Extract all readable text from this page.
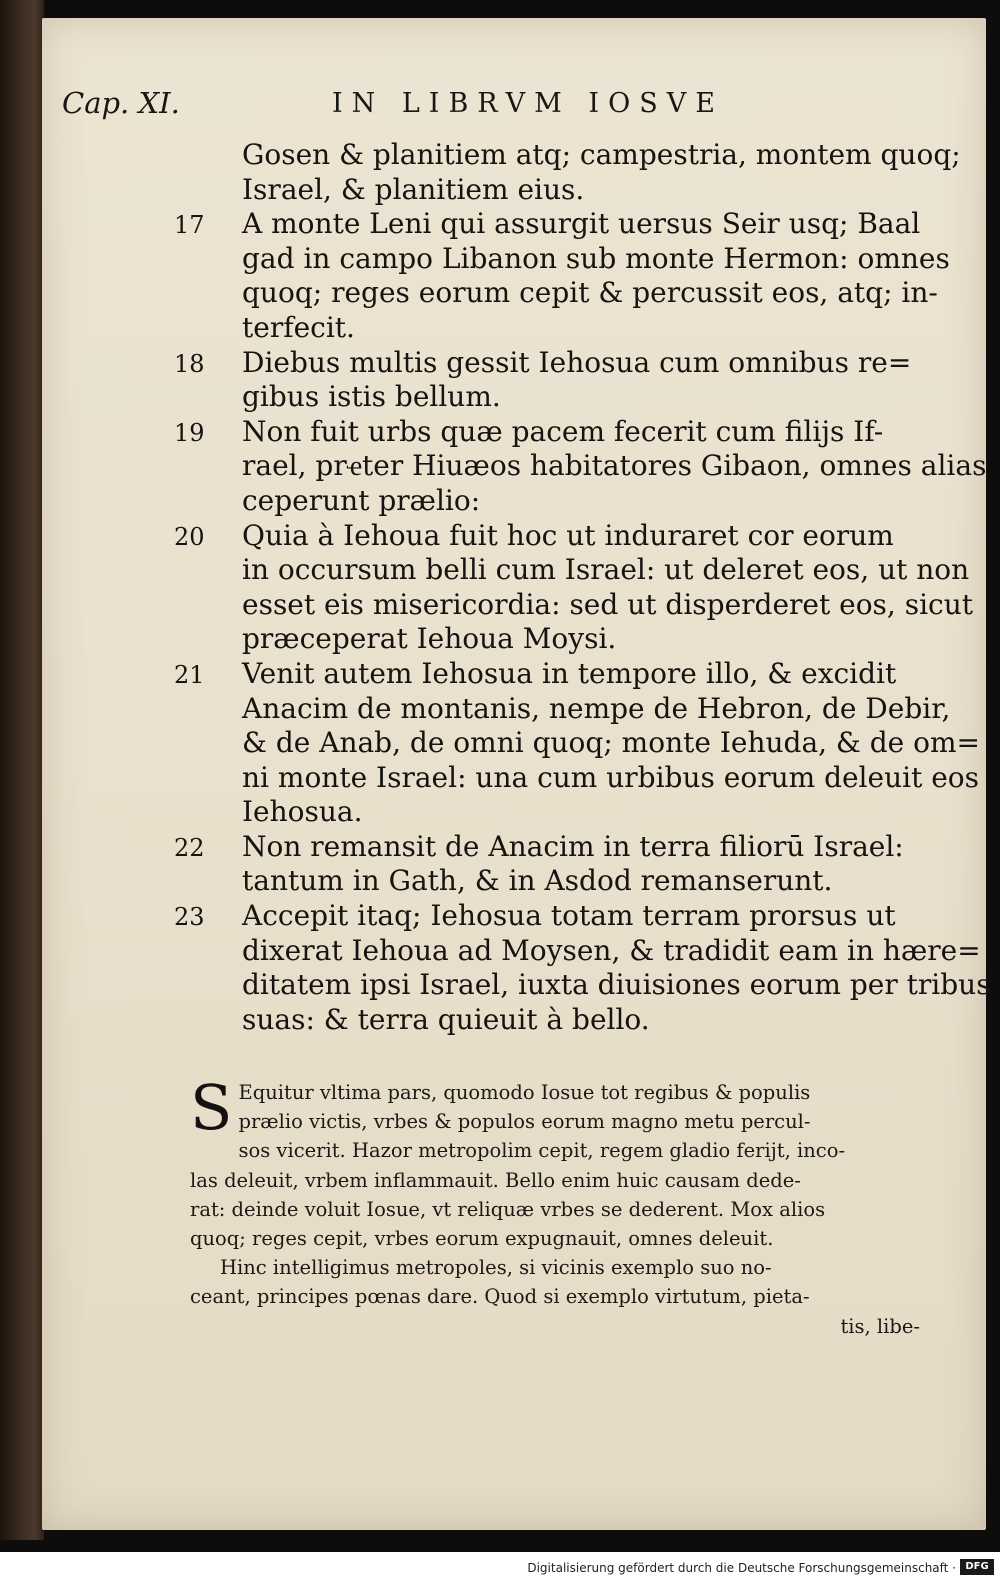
Cap. XI.	IN LIBRVM IOSVE
Gosen & planitiem atq; campestria, montem quoq;
Israel, & planitiem eius.
17 A monte Leni qui assurgit uersus Seir usq; Baal
gad in campo Libanon sub monte Hermon: omnes
quoq; reges eorum cepit & percussit eos, atq; in-
terfecit.
18 Diebus multis gessit Iehosua cum omnibus re=
gibus istis bellum.
19 Non fuit urbs quæ pacem fecerit cum filijs If-
rael, prҽter Hiuæos habitatores Gibaon, omnes alias
ceperunt prælio:
20 Quia à Iehoua fuit hoc ut induraret cor eorum
in occursum belli cum Israel: ut deleret eos, ut non
esset eis misericordia: sed ut disperderet eos, sicut
præceperat Iehoua Moysi.
21 Venit autem Iehosua in tempore illo, & excidit
Anacim de montanis, nempe de Hebron, de Debir,
& de Anab, de omni quoq; monte Iehuda, & de om=
ni monte Israel: una cum urbibus eorum deleuit eos
Iehosua.
22 Non remansit de Anacim in terra filiorū Israel:
tantum in Gath, & in Asdod remanserunt.
23 Accepit itaq; Iehosua totam terram prorsus ut
dixerat Iehoua ad Moysen, & tradidit eam in hære=
ditatem ipsi Israel, iuxta diuisiones eorum per tribus
suas: & terra quieuit à bello.
S Equitur vltima pars, quomodo Iosue tot regibus & populis
prælio victis, vrbes & populos eorum magno metu percul-
sos vicerit. Hazor metropolim cepit, regem gladio ferijt, inco-
las deleuit, vrbem inflammauit. Bello enim huic causam dede-
rat: deinde voluit Iosue, vt reliquæ vrbes se dederent. Mox alios
quoq; reges cepit, vrbes eorum expugnauit, omnes deleuit.
Hinc intelligimus metropoles, si vicinis exemplo suo no-
ceant, principes pœnas dare. Quod si exemplo virtutum, pieta-
tis, libe-
Digitalisierung gefördert durch die Deutsche Forschungsgemeinschaft · DFG
